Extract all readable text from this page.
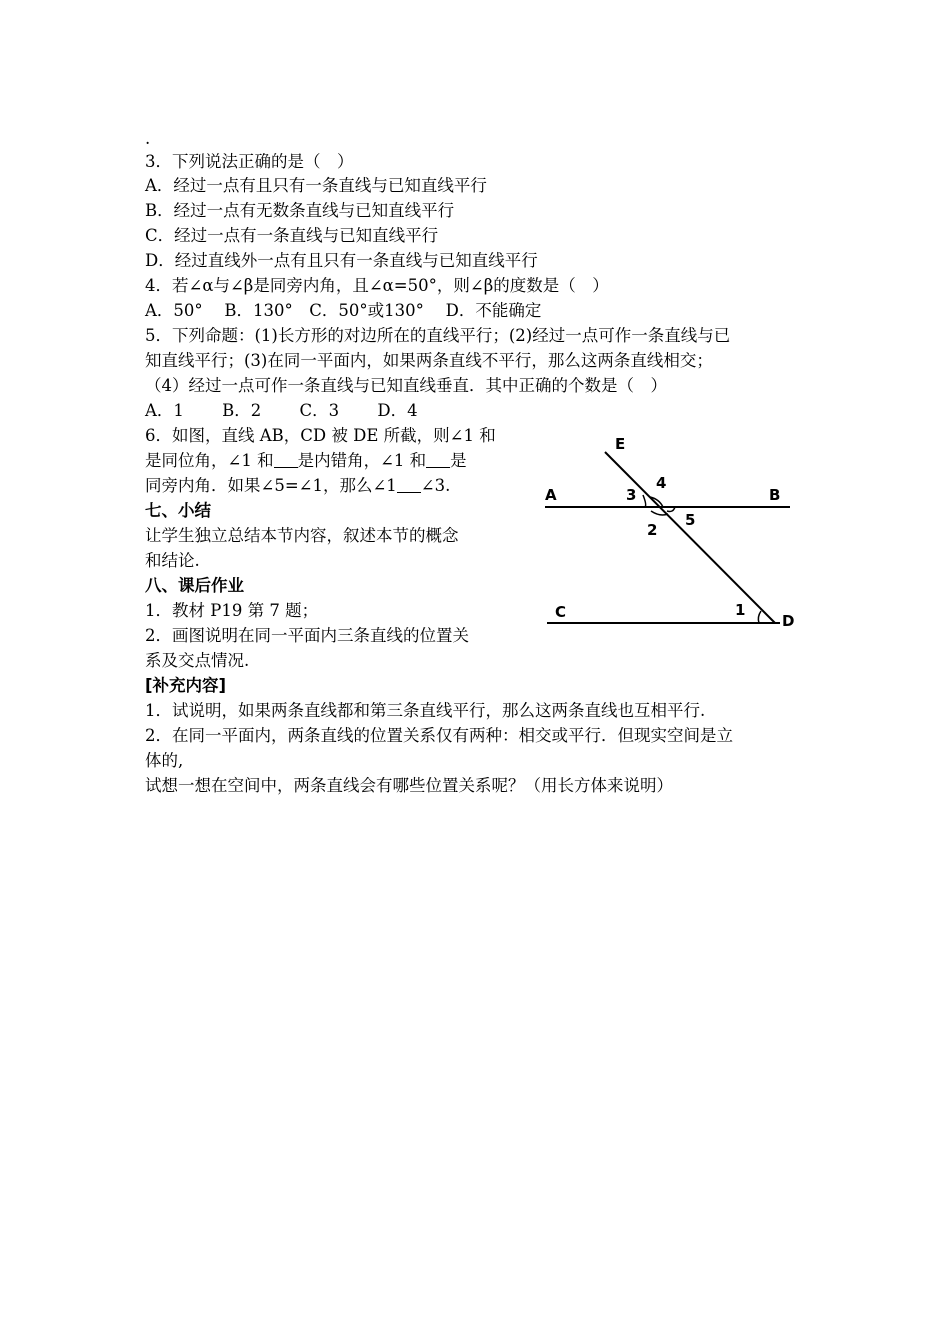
.
3．下列说法正确的是（　）
A．经过一点有且只有一条直线与已知直线平行
B．经过一点有无数条直线与已知直线平行
C．经过一点有一条直线与已知直线平行
D．经过直线外一点有且只有一条直线与已知直线平行
4．若∠α与∠β是同旁内角，且∠α=50°，则∠β的度数是（　）
A．50°　 B．130°　C．50°或130°　 D．不能确定
5．下列命题：(1)长方形的对边所在的直线平行；(2)经过一点可作一条直线与已
知直线平行；(3)在同一平面内，如果两条直线不平行，那么这两条直线相交；
（4）经过一点可作一条直线与已知直线垂直．其中正确的个数是（　）
A．1　　 B．2　　 C．3　　 D．4
6．如图，直线 AB，CD 被 DE 所截，则∠1 和
是同位角，∠1 和 是内错角，∠1 和 是
同旁内角．如果∠5=∠1，那么∠1 ∠3.
七、小结
让学生独立总结本节内容，叙述本节的概念
和结论.
八、课后作业
1．教材 P19 第 7 题；
2．画图说明在同一平面内三条直线的位置关
系及交点情况.
[补充内容]
1．试说明，如果两条直线都和第三条直线平行，那么这两条直线也互相平行.
2．在同一平面内，两条直线的位置关系仅有两种：相交或平行．但现实空间是立
体的,
试想一想在空间中，两条直线会有哪些位置关系呢？（用长方体来说明）
E
A	B
C	D
1
2
3
4
5
